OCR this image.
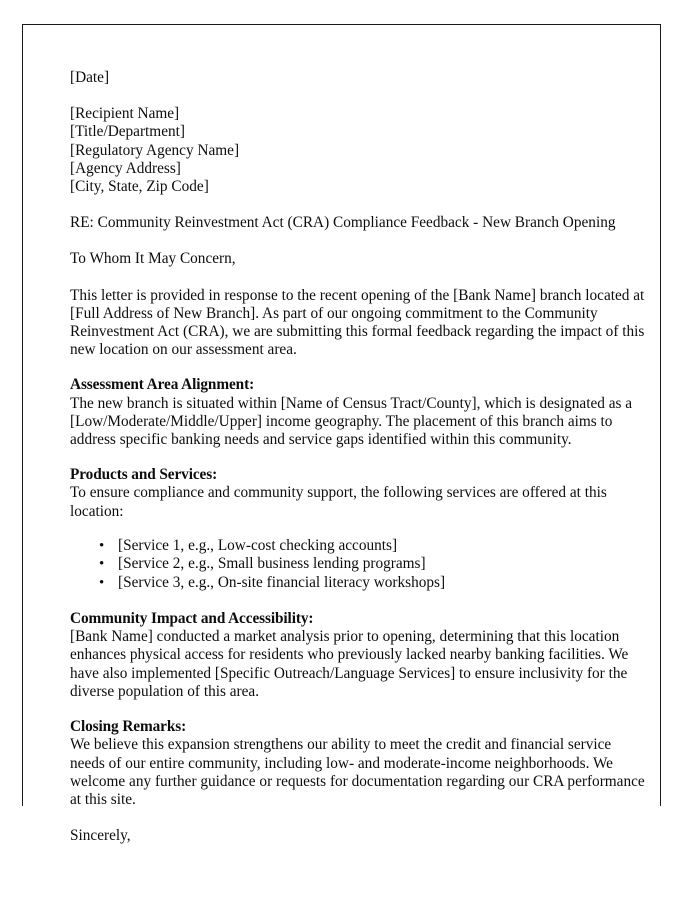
[Date]

[Recipient Name]

[Title/Department]

[Regulatory Agency Name]

[Agency Address]

[City, State, Zip Code]

RE: Community Reinvestment Act (CRA) Compliance Feedback - New Branch Opening

To Whom It May Concern,

This letter is provided in response to the recent opening of the [Bank Name] branch located at [Full Address of New Branch]. As part of our ongoing commitment to the Community Reinvestment Act (CRA), we are submitting this formal feedback regarding the impact of this new location on our assessment area.

Assessment Area Alignment:

The new branch is situated within [Name of Census Tract/County], which is designated as a [Low/Moderate/Middle/Upper] income geography. The placement of this branch aims to address specific banking needs and service gaps identified within this community.

Products and Services:

To ensure compliance and community support, the following services are offered at this location:

• [Service 1, e.g., Low-cost checking accounts]
• [Service 2, e.g., Small business lending programs]
• [Service 3, e.g., On-site financial literacy workshops]

Community Impact and Accessibility:

[Bank Name] conducted a market analysis prior to opening, determining that this location enhances physical access for residents who previously lacked nearby banking facilities. We have also implemented [Specific Outreach/Language Services] to ensure inclusivity for the diverse population of this area.

Closing Remarks:

We believe this expansion strengthens our ability to meet the credit and financial service needs of our entire community, including low- and moderate-income neighborhoods. We welcome any further guidance or requests for documentation regarding our CRA performance at this site.

Sincerely,
